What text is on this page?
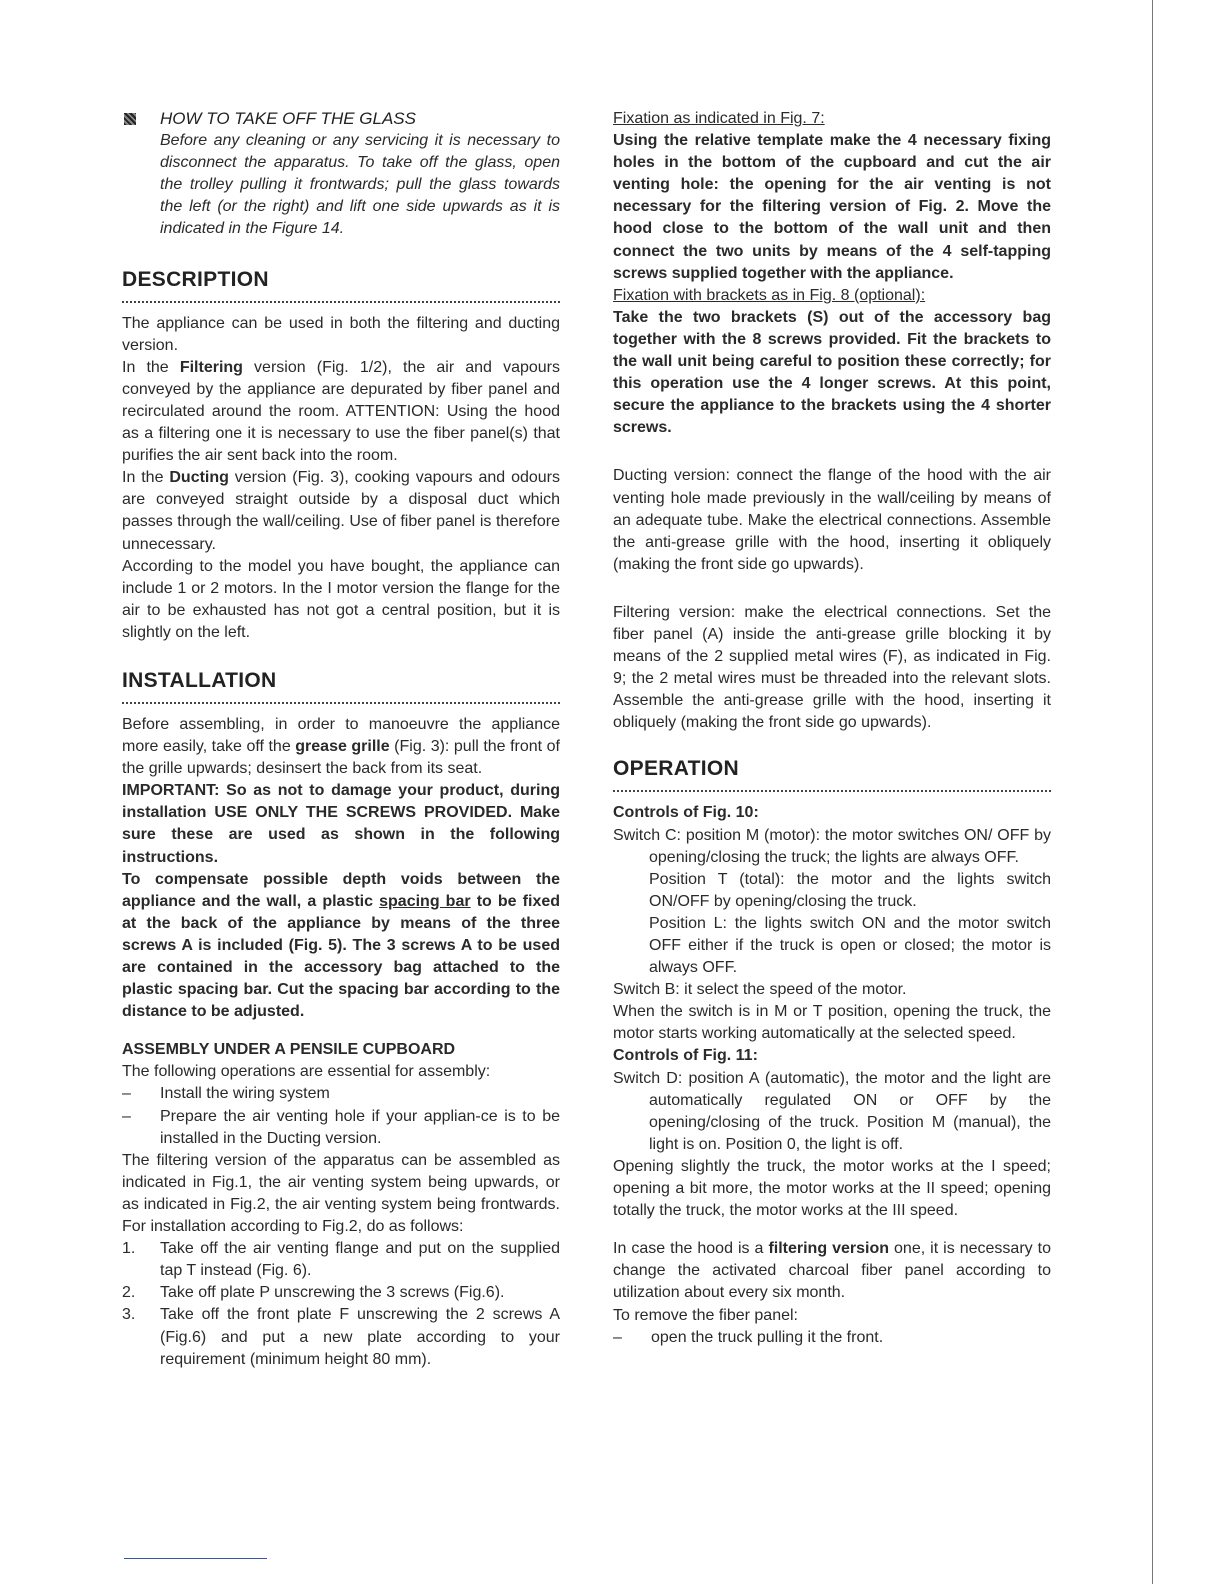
HOW TO TAKE OFF THE GLASS

Before any cleaning or any servicing it is necessary to disconnect the apparatus. To take off the glass, open the trolley pulling it frontwards; pull the glass towards the left (or the right) and lift one side upwards as it is indicated in the Figure 14.

DESCRIPTION

The appliance can be used in both the filtering and ducting version.

In the Filtering version (Fig. 1/2), the air and vapours conveyed by the appliance are depurated by fiber panel and recirculated around the room. ATTENTION: Using the hood as a filtering one it is necessary to use the fiber panel(s) that purifies the air sent back into the room.

In the Ducting version (Fig. 3), cooking vapours and odours are conveyed straight outside by a disposal duct which passes through the wall/ceiling. Use of fiber panel is therefore unnecessary.

According to the model you have bought, the appliance can include 1 or 2 motors. In the I motor version the flange for the air to be exhausted has not got a central position, but it is slightly on the left.

INSTALLATION

Before assembling, in order to manoeuvre the appliance more easily, take off the grease grille (Fig. 3): pull the front of the grille upwards; desinsert the back from its seat.

IMPORTANT: So as not to damage your product, during installation USE ONLY THE SCREWS PROVIDED. Make sure these are used as shown in the following instructions.

To compensate possible depth voids between the appliance and the wall, a plastic spacing bar to be fixed at the back of the appliance by means of the three screws A is included (Fig. 5). The 3 screws A to be used are contained in the accessory bag attached to the plastic spacing bar. Cut the spacing bar according to the distance to be adjusted.

ASSEMBLY UNDER A PENSILE CUPBOARD

The following operations are essential for assembly:

– Install the wiring system
– Prepare the air venting hole if your applian-ce is to be installed in the Ducting version.

The filtering version of the apparatus can be assembled as indicated in Fig.1, the air venting system being upwards, or as indicated in Fig.2, the air venting system being frontwards. For installation according to Fig.2, do as follows:

1. Take off the air venting flange and put on the supplied tap T instead (Fig. 6).
2. Take off plate P unscrewing the 3 screws (Fig.6).
3. Take off the front plate F unscrewing the 2 screws A (Fig.6) and put a new plate according to your requirement (minimum height 80 mm).

Fixation as indicated in Fig. 7:

Using the relative template make the 4 necessary fixing holes in the bottom of the cupboard and cut the air venting hole: the opening for the air venting is not necessary for the filtering version of Fig. 2. Move the hood close to the bottom of the wall unit and then connect the two units by means of the 4 self-tapping screws supplied together with the appliance.

Fixation with brackets as in Fig. 8 (optional):

Take the two brackets (S) out of the accessory bag together with the 8 screws provided. Fit the brackets to the wall unit being careful to position these correctly; for this operation use the 4 longer screws. At this point, secure the appliance to the brackets using the 4 shorter screws.

Ducting version: connect the flange of the hood with the air venting hole made previously in the wall/ceiling by means of an adequate tube. Make the electrical connections. Assemble the anti-grease grille with the hood, inserting it obliquely (making the front side go upwards).

Filtering version: make the electrical connections. Set the fiber panel (A) inside the anti-grease grille blocking it by means of the 2 supplied metal wires (F), as indicated in Fig. 9; the 2 metal wires must be threaded into the relevant slots. Assemble the anti-grease grille with the hood, inserting it obliquely (making the front side go upwards).

OPERATION

Controls of Fig. 10:

Switch C: position M (motor): the motor switches ON/ OFF by opening/closing the truck; the lights are always OFF.

Position T (total): the motor and the lights switch ON/OFF by opening/closing the truck.

Position L: the lights switch ON and the motor switch OFF either if the truck is open or closed; the motor is always OFF.

Switch B: it select the speed of the motor.

When the switch is in M or T position, opening the truck, the motor starts working automatically at the selected speed.

Controls of Fig. 11:

Switch D: position A (automatic), the motor and the light are automatically regulated ON or OFF by the opening/closing of the truck. Position M (manual), the light is on. Position 0, the light is off.

Opening slightly the truck, the motor works at the I speed; opening a bit more, the motor works at the II speed; opening totally the truck, the motor works at the III speed.

In case the hood is a filtering version one, it is necessary to change the activated charcoal fiber panel according to utilization about every six month.

To remove the fiber panel:

– open the truck pulling it the front.
